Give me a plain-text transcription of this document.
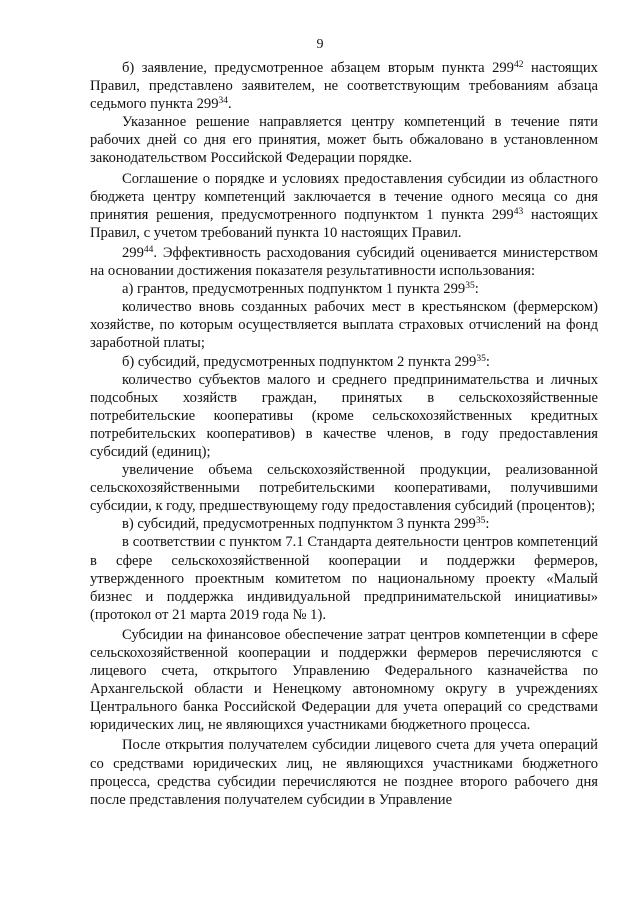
9

б) заявление, предусмотренное абзацем вторым пункта $299^{42}$ настоящих Правил, представлено заявителем, не соответствующим требованиям абзаца седьмого пункта $299^{34}$.

Указанное решение направляется центру компетенций в течение пяти рабочих дней со дня его принятия, может быть обжаловано в установленном законодательством Российской Федерации порядке.

Соглашение о порядке и условиях предоставления субсидии из областного бюджета центру компетенций заключается в течение одного месяца со дня принятия решения, предусмотренного подпунктом 1 пункта $299^{43}$ настоящих Правил, с учетом требований пункта 10 настоящих Правил.

$299^{44}$. Эффективность расходования субсидий оценивается министерством на основании достижения показателя результативности использования:

а) грантов, предусмотренных подпунктом 1 пункта $299^{35}$:

количество вновь созданных рабочих мест в крестьянском (фермерском) хозяйстве, по которым осуществляется выплата страховых отчислений на фонд заработной платы;

б) субсидий, предусмотренных подпунктом 2 пункта $299^{35}$:

количество субъектов малого и среднего предпринимательства и личных подсобных хозяйств граждан, принятых в сельскохозяйственные потребительские кооперативы (кроме сельскохозяйственных кредитных потребительских кооперативов) в качестве членов, в году предоставления субсидий (единиц);

увеличение объема сельскохозяйственной продукции, реализованной сельскохозяйственными потребительскими кооперативами, получившими субсидии, к году, предшествующему году предоставления субсидий (процентов);

в) субсидий, предусмотренных подпунктом 3 пункта $299^{35}$:

в соответствии с пунктом 7.1 Стандарта деятельности центров компетенций в сфере сельскохозяйственной кооперации и поддержки фермеров, утвержденного проектным комитетом по национальному проекту «Малый бизнес и поддержка индивидуальной предпринимательской инициативы» (протокол от 21 марта 2019 года № 1).

Субсидии на финансовое обеспечение затрат центров компетенции в сфере сельскохозяйственной кооперации и поддержки фермеров перечисляются с лицевого счета, открытого Управлению Федерального казначейства по Архангельской области и Ненецкому автономному округу в учреждениях Центрального банка Российской Федерации для учета операций со средствами юридических лиц, не являющихся участниками бюджетного процесса.

После открытия получателем субсидии лицевого счета для учета операций со средствами юридических лиц, не являющихся участниками бюджетного процесса, средства субсидии перечисляются не позднее второго рабочего дня после представления получателем субсидии в Управление
